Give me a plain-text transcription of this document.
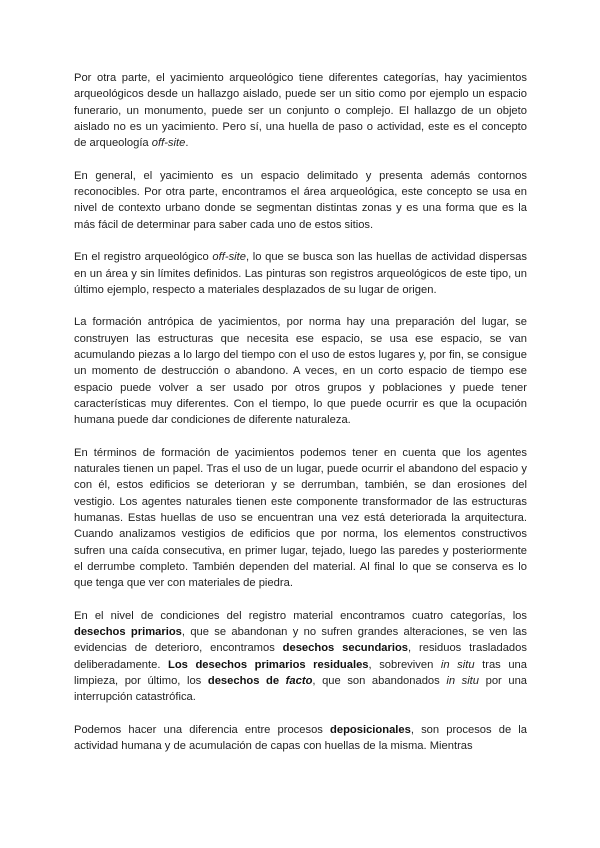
Por otra parte, el yacimiento arqueológico tiene diferentes categorías, hay yacimientos arqueológicos desde un hallazgo aislado, puede ser un sitio como por ejemplo un espacio funerario, un monumento, puede ser un conjunto o complejo. El hallazgo de un objeto aislado no es un yacimiento. Pero sí, una huella de paso o actividad, este es el concepto de arqueología off-site.

En general, el yacimiento es un espacio delimitado y presenta además contornos reconocibles. Por otra parte, encontramos el área arqueológica, este concepto se usa en nivel de contexto urbano donde se segmentan distintas zonas y es una forma que es la más fácil de determinar para saber cada uno de estos sitios.

En el registro arqueológico off-site, lo que se busca son las huellas de actividad dispersas en un área y sin límites definidos. Las pinturas son registros arqueológicos de este tipo, un último ejemplo, respecto a materiales desplazados de su lugar de origen.

La formación antrópica de yacimientos, por norma hay una preparación del lugar, se construyen las estructuras que necesita ese espacio, se usa ese espacio, se van acumulando piezas a lo largo del tiempo con el uso de estos lugares y, por fin, se consigue un momento de destrucción o abandono. A veces, en un corto espacio de tiempo ese espacio puede volver a ser usado por otros grupos y poblaciones y puede tener características muy diferentes. Con el tiempo, lo que puede ocurrir es que la ocupación humana puede dar condiciones de diferente naturaleza.

En términos de formación de yacimientos podemos tener en cuenta que los agentes naturales tienen un papel. Tras el uso de un lugar, puede ocurrir el abandono del espacio y con él, estos edificios se deterioran y se derrumban, también, se dan erosiones del vestigio. Los agentes naturales tienen este componente transformador de las estructuras humanas. Estas huellas de uso se encuentran una vez está deteriorada la arquitectura. Cuando analizamos vestigios de edificios que por norma, los elementos constructivos sufren una caída consecutiva, en primer lugar, tejado, luego las paredes y posteriormente el derrumbe completo. También dependen del material. Al final lo que se conserva es lo que tenga que ver con materiales de piedra.

En el nivel de condiciones del registro material encontramos cuatro categorías, los desechos primarios, que se abandonan y no sufren grandes alteraciones, se ven las evidencias de deterioro, encontramos desechos secundarios, residuos trasladados deliberadamente. Los desechos primarios residuales, sobreviven in situ tras una limpieza, por último, los desechos de facto, que son abandonados in situ por una interrupción catastrófica.

Podemos hacer una diferencia entre procesos deposicionales, son procesos de la actividad humana y de acumulación de capas con huellas de la misma. Mientras
